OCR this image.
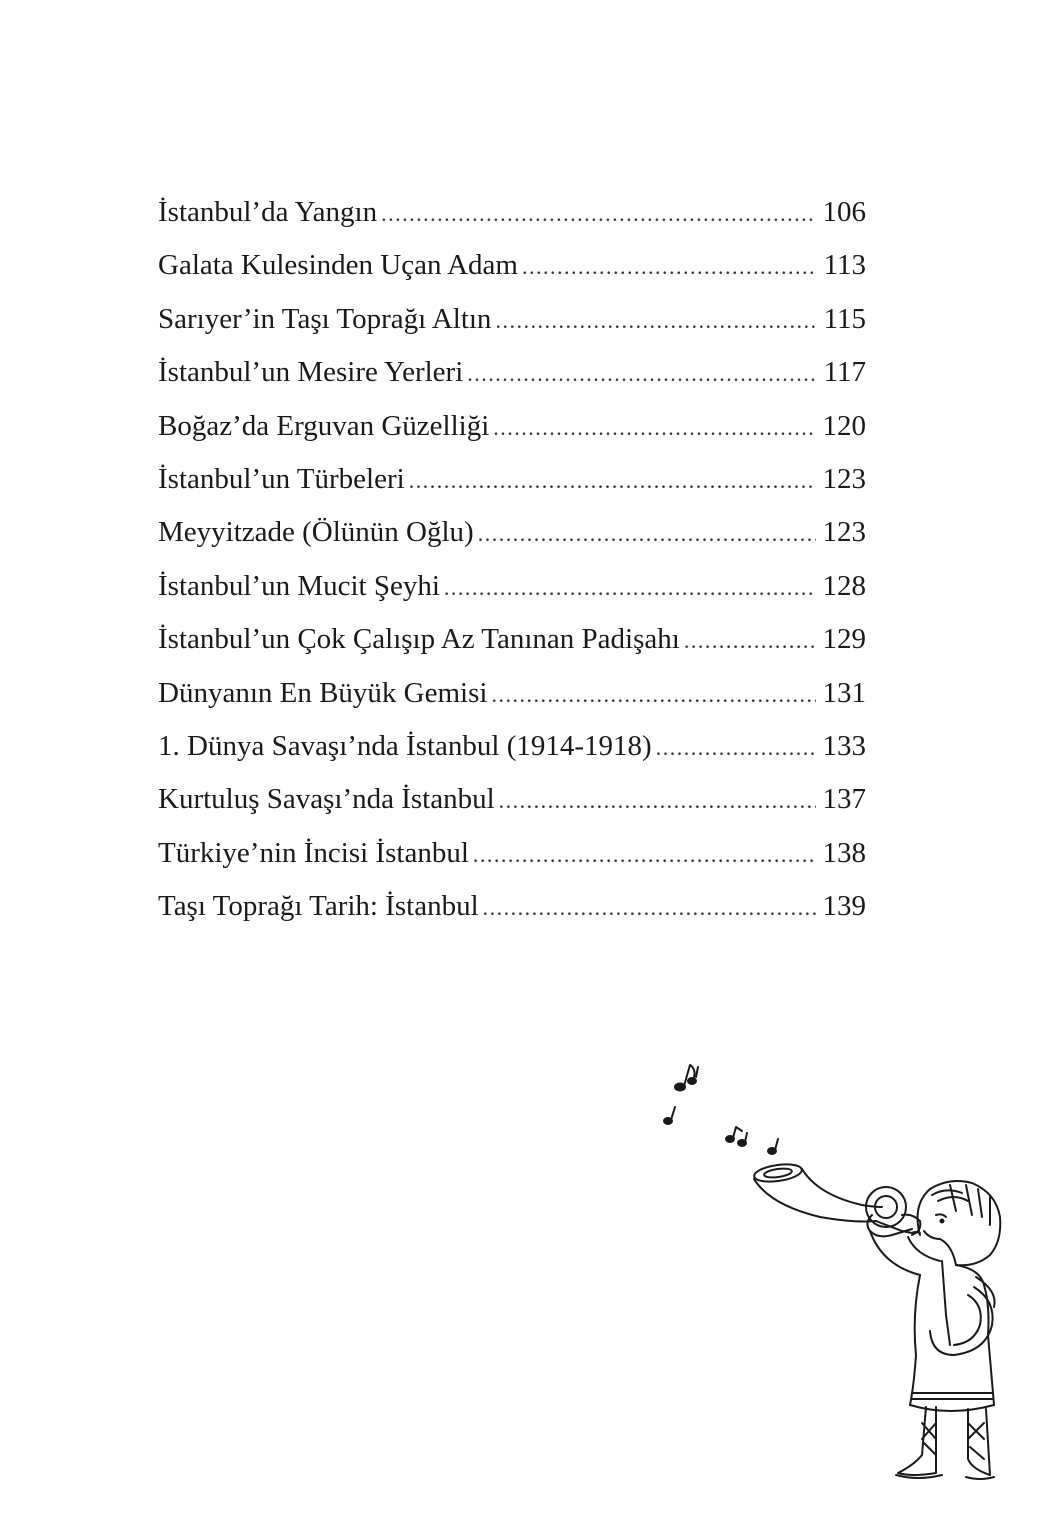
İstanbul’da Yangın .....	106
Galata Kulesinden Uçan Adam .....	113
Sarıyer’in Taşı Toprağı Altın .....	115
İstanbul’un Mesire Yerleri .....	117
Boğaz’da Erguvan Güzelliği .....	120
İstanbul’un Türbeleri .....	123
Meyyitzade (Ölünün Oğlu) .....	123
İstanbul’un Mucit Şeyhi .....	128
İstanbul’un Çok Çalışıp Az Tanınan Padişahı .....	129
Dünyanın En Büyük Gemisi .....	131
1. Dünya Savaşı’nda İstanbul (1914-1918) .....	133
Kurtuluş Savaşı’nda İstanbul .....	137
Türkiye’nin İncisi İstanbul .....	138
Taşı Toprağı Tarih: İstanbul .....	139
